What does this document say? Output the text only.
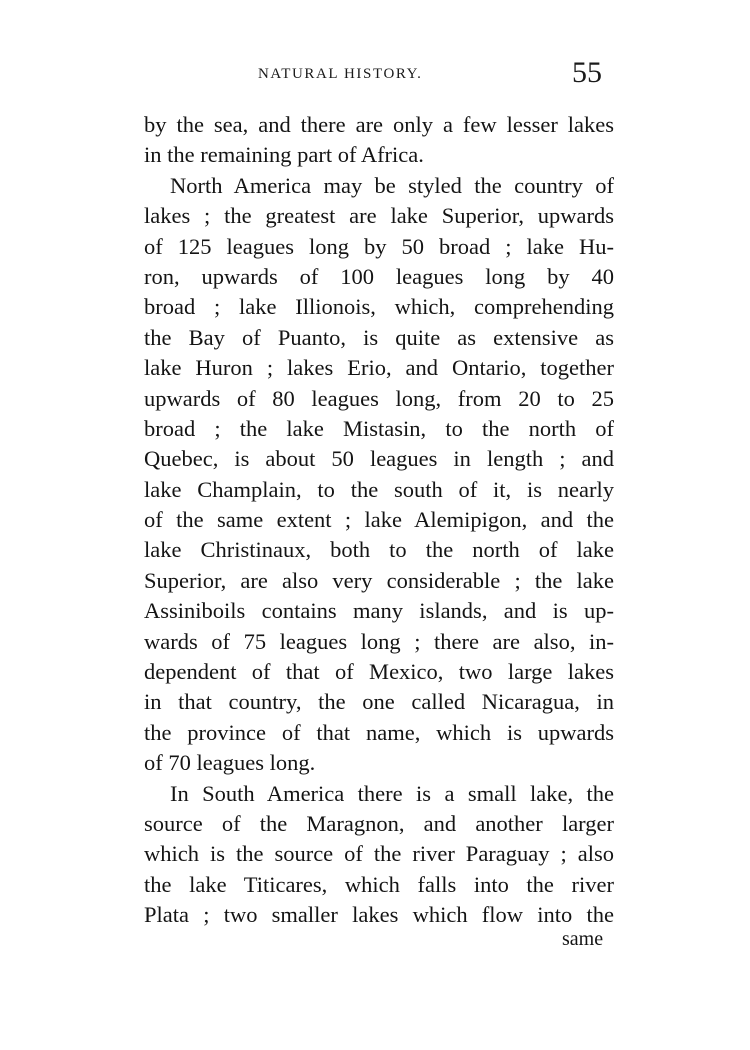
NATURAL HISTORY.	55
by the sea, and there are only a few lesser lakes
in the remaining part of Africa.
North America may be styled the country of
lakes ; the greatest are lake Superior, upwards
of 125 leagues long by 50 broad ; lake Hu-
ron, upwards of 100 leagues long by 40
broad ; lake Illionois, which, comprehending
the Bay of Puanto, is quite as extensive as
lake Huron ; lakes Erio, and Ontario, together
upwards of 80 leagues long, from 20 to 25
broad ; the lake Mistasin, to the north of
Quebec, is about 50 leagues in length ; and
lake Champlain, to the south of it, is nearly
of the same extent ; lake Alemipigon, and the
lake Christinaux, both to the north of lake
Superior, are also very considerable ; the lake
Assiniboils contains many islands, and is up-
wards of 75 leagues long ; there are also, in-
dependent of that of Mexico, two large lakes
in that country, the one called Nicaragua, in
the province of that name, which is upwards
of 70 leagues long.
In South America there is a small lake, the
source of the Maragnon, and another larger
which is the source of the river Paraguay ; also
the lake Titicares, which falls into the river
Plata ; two smaller lakes which flow into the
same
